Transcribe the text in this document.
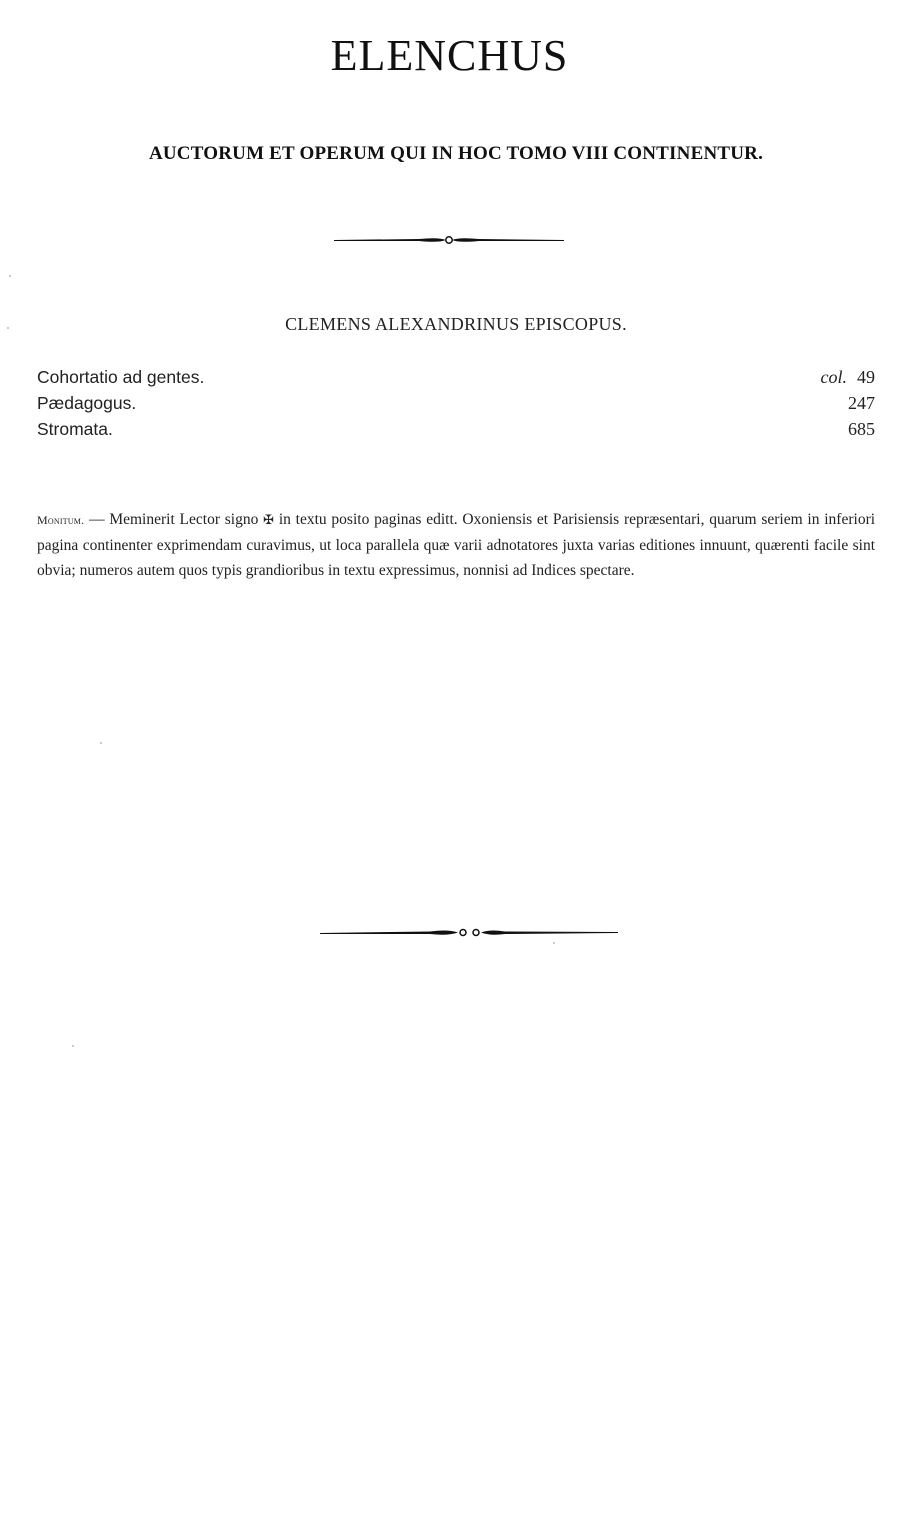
ELENCHUS
AUCTORUM ET OPERUM QUI IN HOC TOMO VIII CONTINENTUR.
CLEMENS ALEXANDRINUS EPISCOPUS.
Cohortatio ad gentes.	col. 49
Pædagogus.	247
Stromata.	685
Monitum. — Meminerit Lector signo ✠ in textu posito paginas editt. Oxoniensis et Parisiensis repræsentari, quarum seriem in inferiori pagina continenter exprimendam curavimus, ut loca parallela quæ varii adnotatores juxta varias editiones innuunt, quærenti facile sint obvia; numeros autem quos typis grandioribus in textu expressimus, nonnisi ad Indices spectare.
